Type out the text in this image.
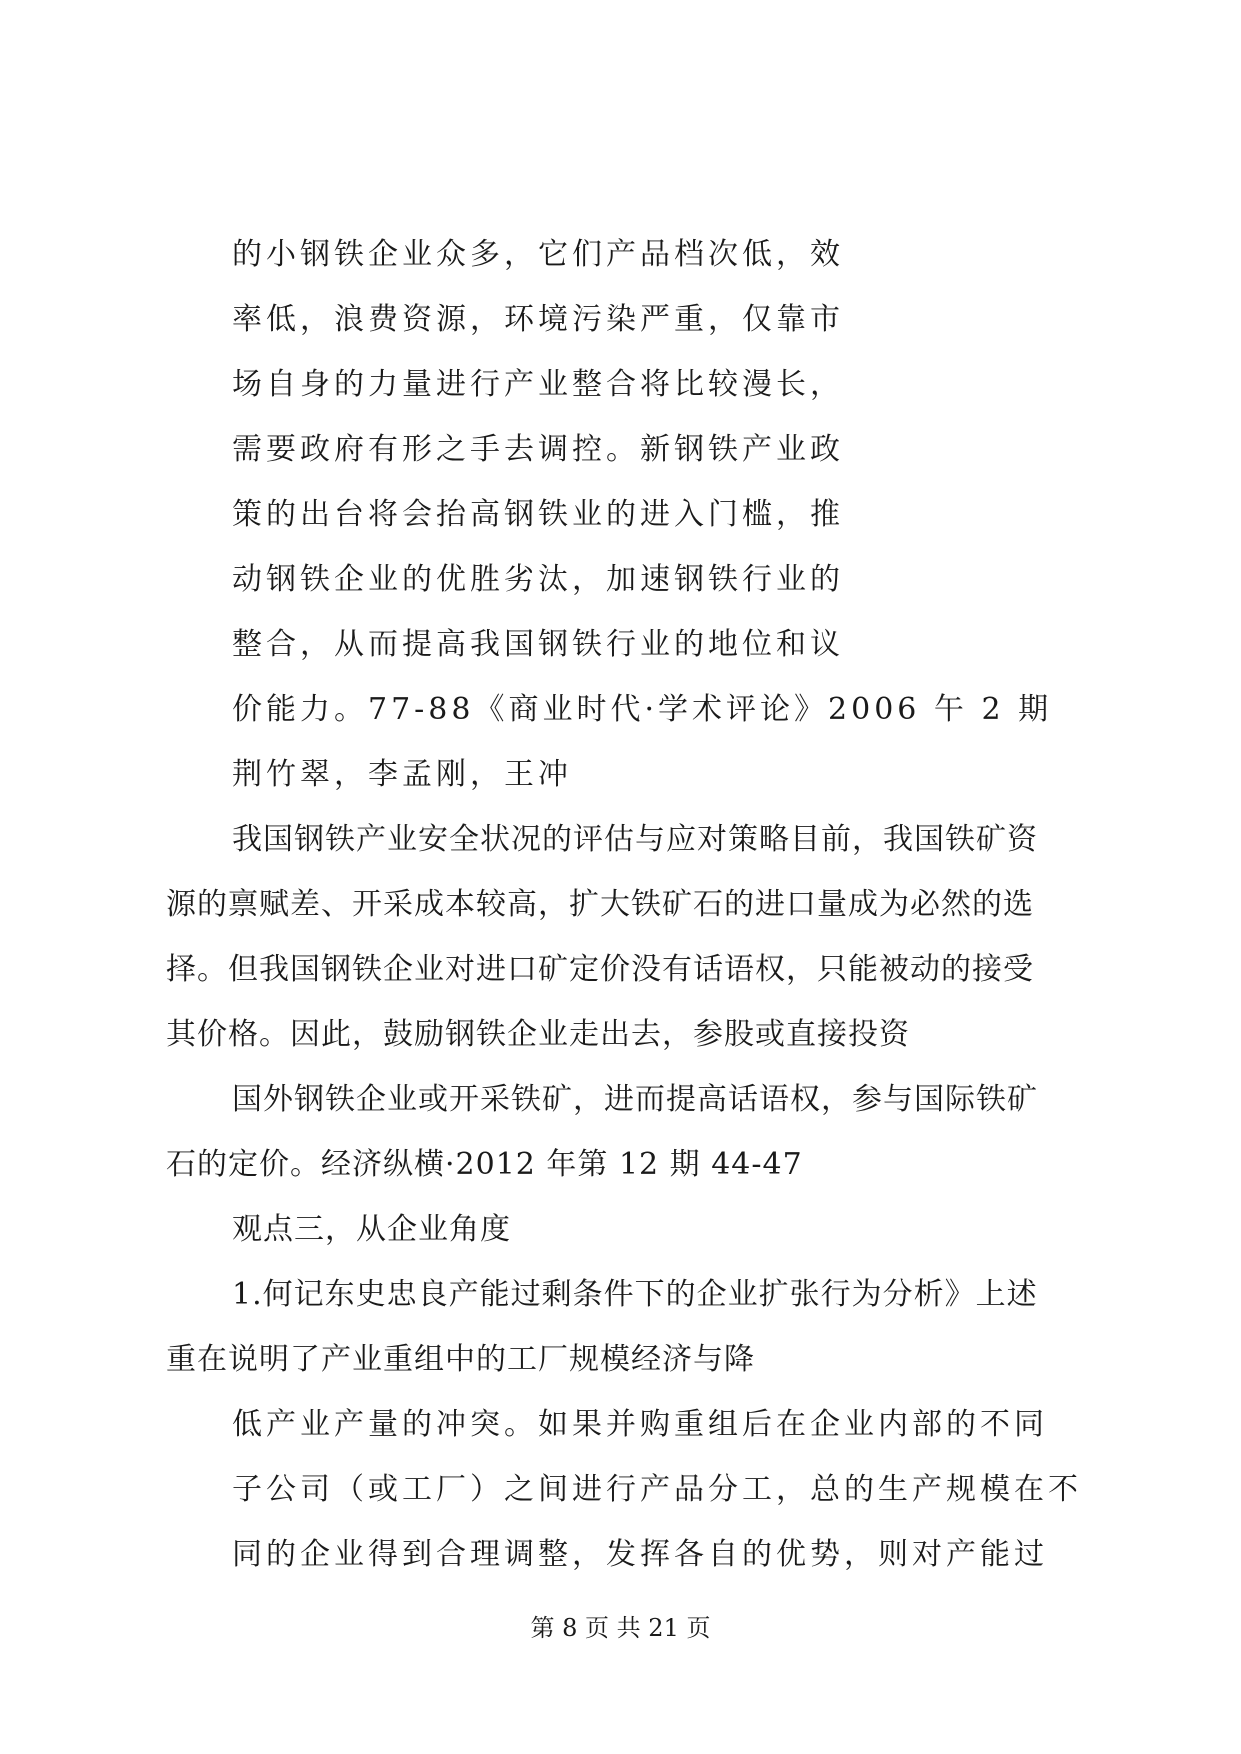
的小钢铁企业众多，它们产品档次低，效
率低，浪费资源，环境污染严重，仅靠市
场自身的力量进行产业整合将比较漫长，
需要政府有形之手去调控。新钢铁产业政
策的出台将会抬高钢铁业的进入门槛，推
动钢铁企业的优胜劣汰，加速钢铁行业的
整合，从而提高我国钢铁行业的地位和议
价能力。77-88《商业时代·学术评论》2006 午 2 期
荆竹翠，李孟刚，王冲
我国钢铁产业安全状况的评估与应对策略目前，我国铁矿资
源的禀赋差、开采成本较高，扩大铁矿石的进口量成为必然的选
择。但我国钢铁企业对进口矿定价没有话语权，只能被动的接受
其价格。因此，鼓励钢铁企业走出去，参股或直接投资
国外钢铁企业或开采铁矿，进而提高话语权，参与国际铁矿
石的定价。经济纵横·2012 年第 12 期 44-47
观点三，从企业角度
1.何记东史忠良产能过剩条件下的企业扩张行为分析》上述
重在说明了产业重组中的工厂规模经济与降
低产业产量的冲突。如果并购重组后在企业内部的不同
子公司（或工厂）之间进行产品分工，总的生产规模在不
同的企业得到合理调整，发挥各自的优势，则对产能过
第 8 页 共 21 页
